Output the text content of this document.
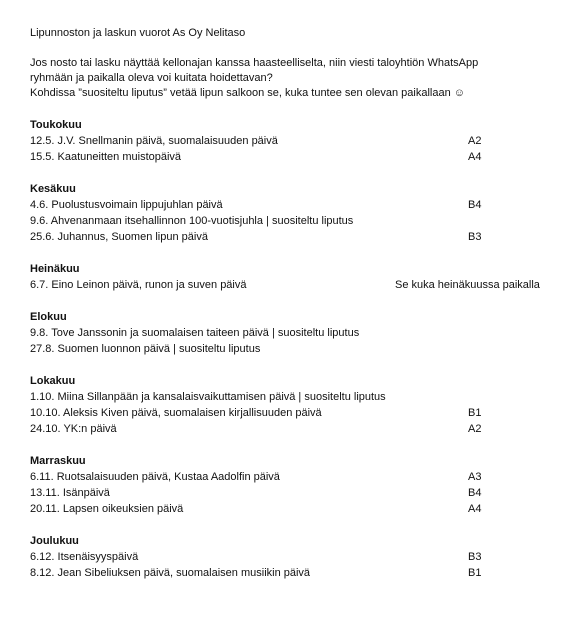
Lipunnoston ja laskun vuorot As Oy Nelitaso

Jos nosto tai lasku näyttää kellonajan kanssa haasteelliselta, niin viesti taloyhtiön WhatsApp

ryhmään ja paikalla oleva voi kuitata hoidettavan?

Kohdissa ”suositeltu liputus” vetää lipun salkoon se, kuka tuntee sen olevan paikallaan ☺

Toukokuu
12.5. J.V. Snellmanin päivä, suomalaisuuden päivä	A2
15.5. Kaatuneitten muistopäivä	A4
Kesäkuu
4.6. Puolustusvoimain lippujuhlan päivä	B4
9.6. Ahvenanmaan itsehallinnon 100-vuotisjuhla | suositeltu liputus
25.6. Juhannus, Suomen lipun päivä	B3
Heinäkuu
6.7. Eino Leinon päivä, runon ja suven päivä	Se kuka heinäkuussa paikalla
Elokuu
9.8. Tove Janssonin ja suomalaisen taiteen päivä | suositeltu liputus
27.8. Suomen luonnon päivä | suositeltu liputus
Lokakuu
1.10. Miina Sillanpään ja kansalaisvaikuttamisen päivä | suositeltu liputus
10.10. Aleksis Kiven päivä, suomalaisen kirjallisuuden päivä	B1
24.10. YK:n päivä	A2
Marraskuu
6.11. Ruotsalaisuuden päivä, Kustaa Aadolfin päivä	A3
13.11. Isänpäivä	B4
20.11. Lapsen oikeuksien päivä	A4
Joulukuu
6.12. Itsenäisyyspäivä	B3
8.12. Jean Sibeliuksen päivä, suomalaisen musiikin päivä	B1
